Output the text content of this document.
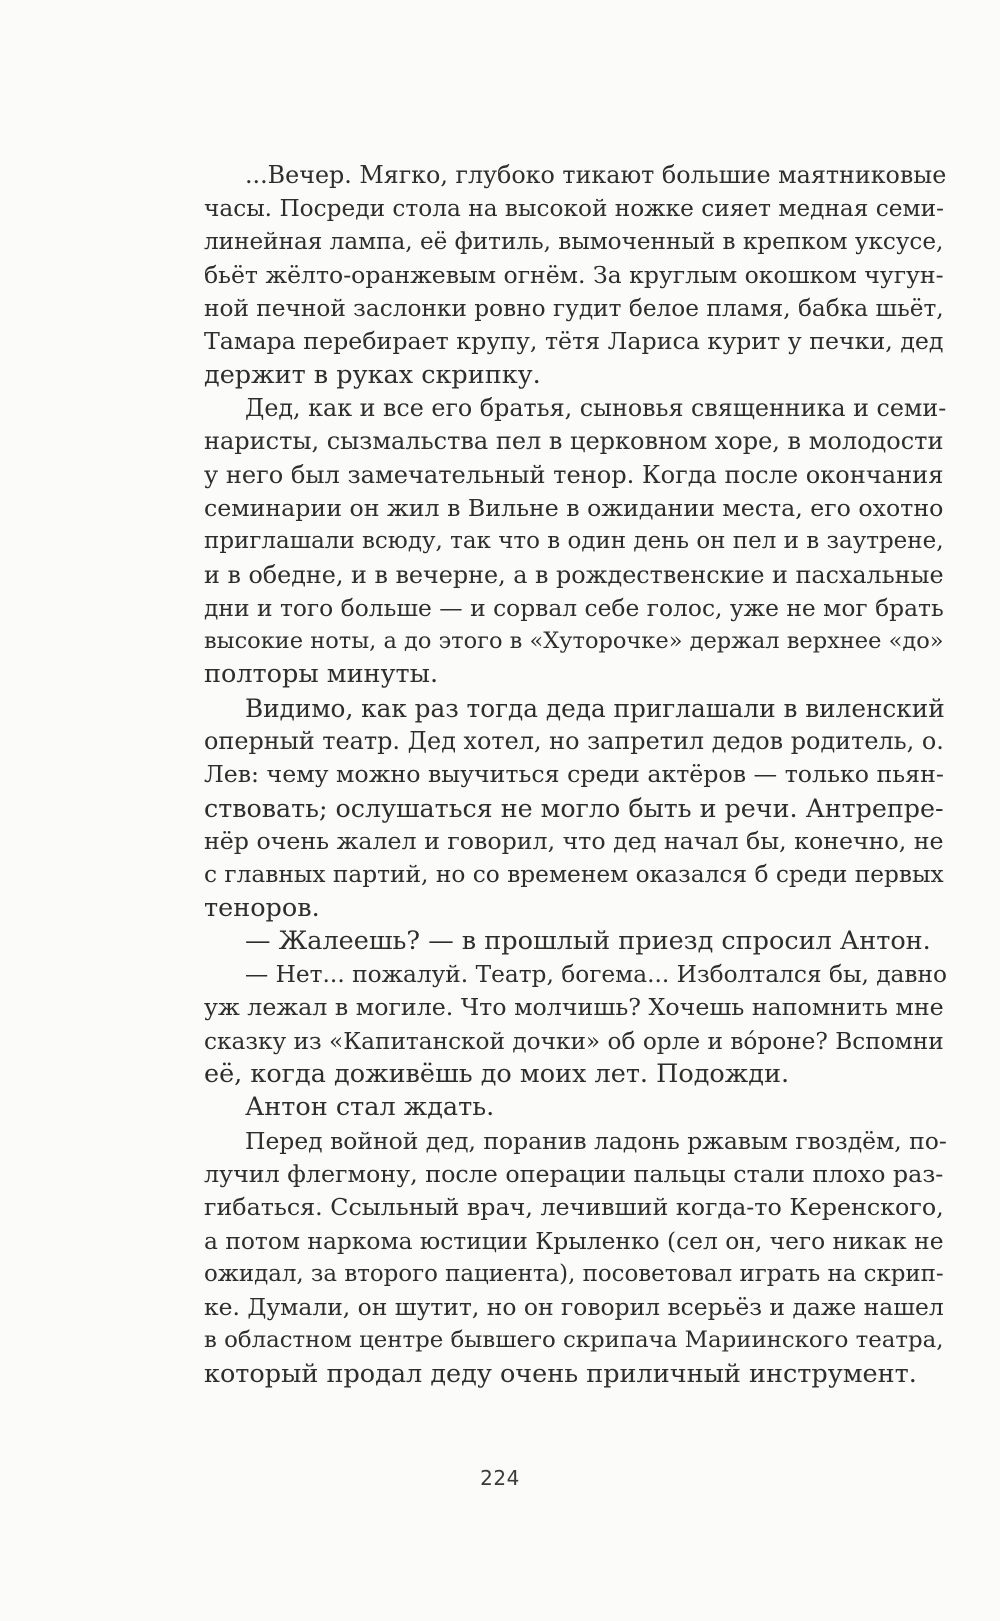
...Вечер. Мягко, глубоко тикают большие маятниковые
часы. Посреди стола на высокой ножке сияет медная семи-
линейная лампа, её фитиль, вымоченный в крепком уксусе,
бьёт жёлто-оранжевым огнём. За круглым окошком чугун-
ной печной заслонки ровно гудит белое пламя, бабка шьёт,
Тамара перебирает крупу, тётя Лариса курит у печки, дед
держит в руках скрипку.
Дед, как и все его братья, сыновья священника и семи-
наристы, сызмальства пел в церковном хоре, в молодости
у него был замечательный тенор. Когда после окончания
семинарии он жил в Вильне в ожидании места, его охотно
приглашали всюду, так что в один день он пел и в заутрене,
и в обедне, и в вечерне, а в рождественские и пасхальные
дни и того больше — и сорвал себе голос, уже не мог брать
высокие ноты, а до этого в «Хуторочке» держал верхнее «до»
полторы минуты.
Видимо, как раз тогда деда приглашали в виленский
оперный театр. Дед хотел, но запретил дедов родитель, о.
Лев: чему можно выучиться среди актёров — только пьян-
ствовать; ослушаться не могло быть и речи. Антрепре-
нёр очень жалел и говорил, что дед начал бы, конечно, не
с главных партий, но со временем оказался б среди первых
теноров.
— Жалеешь? — в прошлый приезд спросил Антон.
— Нет... пожалуй. Театр, богема... Изболтался бы, давно
уж лежал в могиле. Что молчишь? Хочешь напомнить мне
сказку из «Капитанской дочки» об орле и вóроне? Вспомни
её, когда доживёшь до моих лет. Подожди.
Антон стал ждать.
Перед войной дед, поранив ладонь ржавым гвоздём, по-
лучил флегмону, после операции пальцы стали плохо раз-
гибаться. Ссыльный врач, лечивший когда-то Керенского,
а потом наркома юстиции Крыленко (сел он, чего никак не
ожидал, за второго пациента), посоветовал играть на скрип-
ке. Думали, он шутит, но он говорил всерьёз и даже нашел
в областном центре бывшего скрипача Мариинского театра,
который продал деду очень приличный инструмент.
224
